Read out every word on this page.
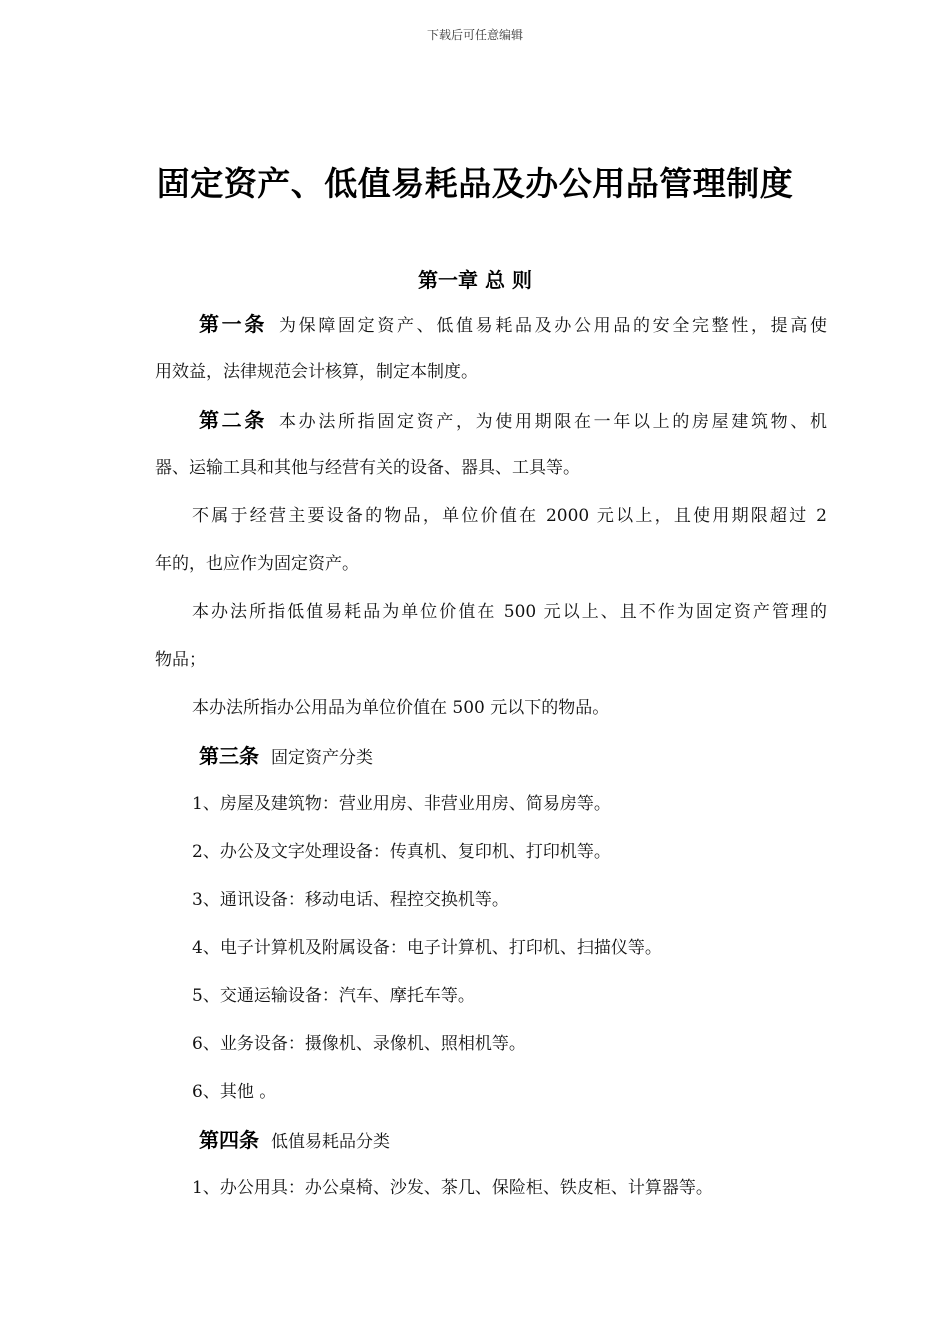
下载后可任意编辑
固定资产、低值易耗品及办公用品管理制度
第一章 总 则
第一条 为保障固定资产、低值易耗品及办公用品的安全完整性，提高使
用效益，法律规范会计核算，制定本制度。
第二条 本办法所指固定资产，为使用期限在一年以上的房屋建筑物、机
器、运输工具和其他与经营有关的设备、器具、工具等。
不属于经营主要设备的物品，单位价值在 2000 元以上，且使用期限超过 2
年的，也应作为固定资产。
本办法所指低值易耗品为单位价值在 500 元以上、且不作为固定资产管理的
物品；
本办法所指办公用品为单位价值在 500 元以下的物品。
第三条 固定资产分类
1、房屋及建筑物：营业用房、非营业用房、简易房等。
2、办公及文字处理设备：传真机、复印机、打印机等。
3、通讯设备：移动电话、程控交换机等。
4、电子计算机及附属设备：电子计算机、打印机、扫描仪等。
5、交通运输设备：汽车、摩托车等。
6、业务设备：摄像机、录像机、照相机等。
6、其他 。
第四条 低值易耗品分类
1、办公用具：办公桌椅、沙发、茶几、保险柜、铁皮柜、计算器等。
